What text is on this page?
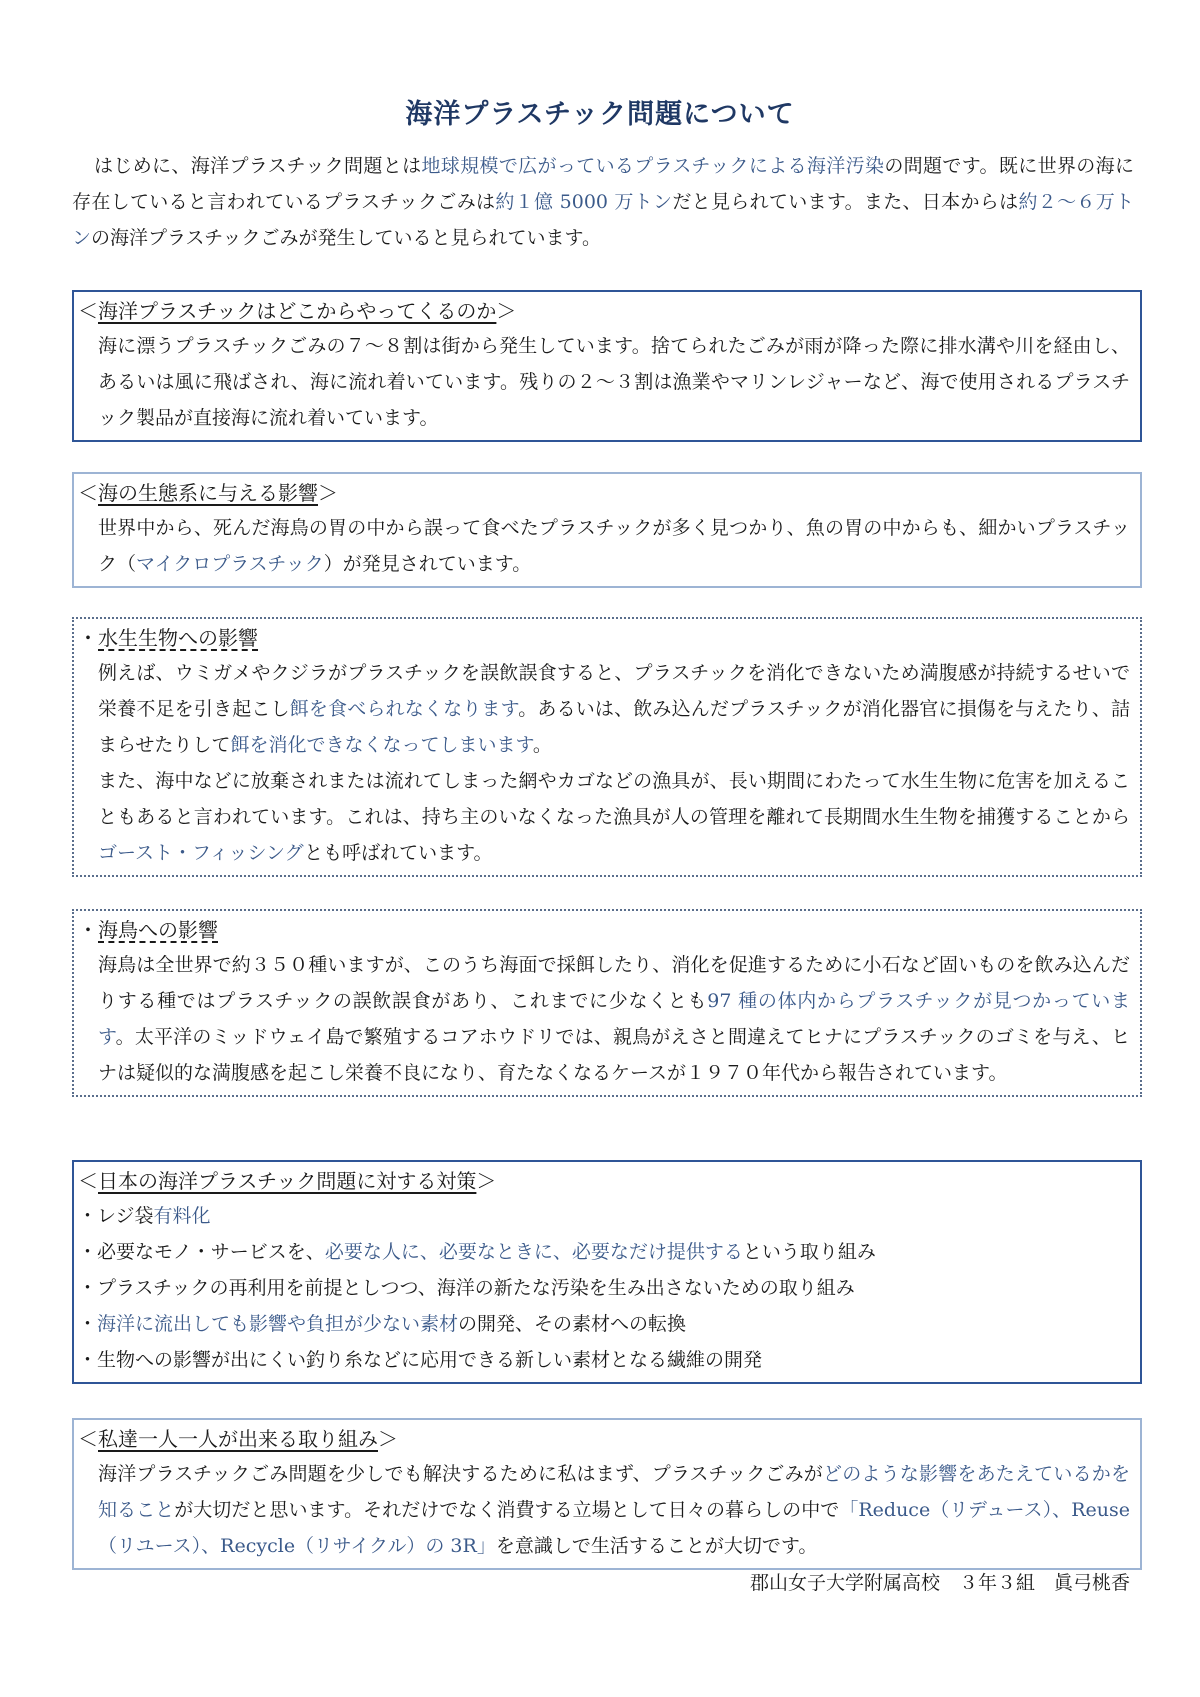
海洋プラスチック問題について
はじめに、海洋プラスチック問題とは地球規模で広がっているプラスチックによる海洋汚染の問題です。既に世界の海に存在していると言われているプラスチックごみは約１億 5000 万トンだと見られています。また、日本からは約２～６万トンの海洋プラスチックごみが発生していると見られています。
＜海洋プラスチックはどこからやってくるのか＞
海に漂うプラスチックごみの７～８割は街から発生しています。捨てられたごみが雨が降った際に排水溝や川を経由し、あるいは風に飛ばされ、海に流れ着いています。残りの２～３割は漁業やマリンレジャーなど、海で使用されるプラスチック製品が直接海に流れ着いています。
＜海の生態系に与える影響＞
世界中から、死んだ海鳥の胃の中から誤って食べたプラスチックが多く見つかり、魚の胃の中からも、細かいプラスチック（マイクロプラスチック）が発見されています。
・水生生物への影響

例えば、ウミガメやクジラがプラスチックを誤飲誤食すると、プラスチックを消化できないため満腹感が持続するせいで栄養不足を引き起こし餌を食べられなくなります。あるいは、飲み込んだプラスチックが消化器官に損傷を与えたり、詰まらせたりして餌を消化できなくなってしまいます。

また、海中などに放棄されまたは流れてしまった網やカゴなどの漁具が、長い期間にわたって水生生物に危害を加えることもあると言われています。これは、持ち主のいなくなった漁具が人の管理を離れて長期間水生生物を捕獲することからゴースト・フィッシングとも呼ばれています。

・海鳥への影響
海鳥は全世界で約３５０種いますが、このうち海面で採餌したり、消化を促進するために小石など固いものを飲み込んだりする種ではプラスチックの誤飲誤食があり、これまでに少なくとも97 種の体内からプラスチックが見つかっています。太平洋のミッドウェイ島で繁殖するコアホウドリでは、親鳥がえさと間違えてヒナにプラスチックのゴミを与え、ヒナは疑似的な満腹感を起こし栄養不良になり、育たなくなるケースが１９７０年代から報告されています。
＜日本の海洋プラスチック問題に対する対策＞
・レジ袋有料化
・必要なモノ・サービスを、必要な人に、必要なときに、必要なだけ提供するという取り組み
・プラスチックの再利用を前提としつつ、海洋の新たな汚染を生み出さないための取り組み
・海洋に流出しても影響や負担が少ない素材の開発、その素材への転換
・生物への影響が出にくい釣り糸などに応用できる新しい素材となる繊維の開発
＜私達一人一人が出来る取り組み＞
海洋プラスチックごみ問題を少しでも解決するために私はまず、プラスチックごみがどのような影響をあたえているかを知ることが大切だと思います。それだけでなく消費する立場として日々の暮らしの中で「Reduce（リデュース）、Reuse（リユース）、Recycle（リサイクル）の 3R」を意識しで生活することが大切です。
郡山女子大学附属高校　３年３組　眞弓桃香
